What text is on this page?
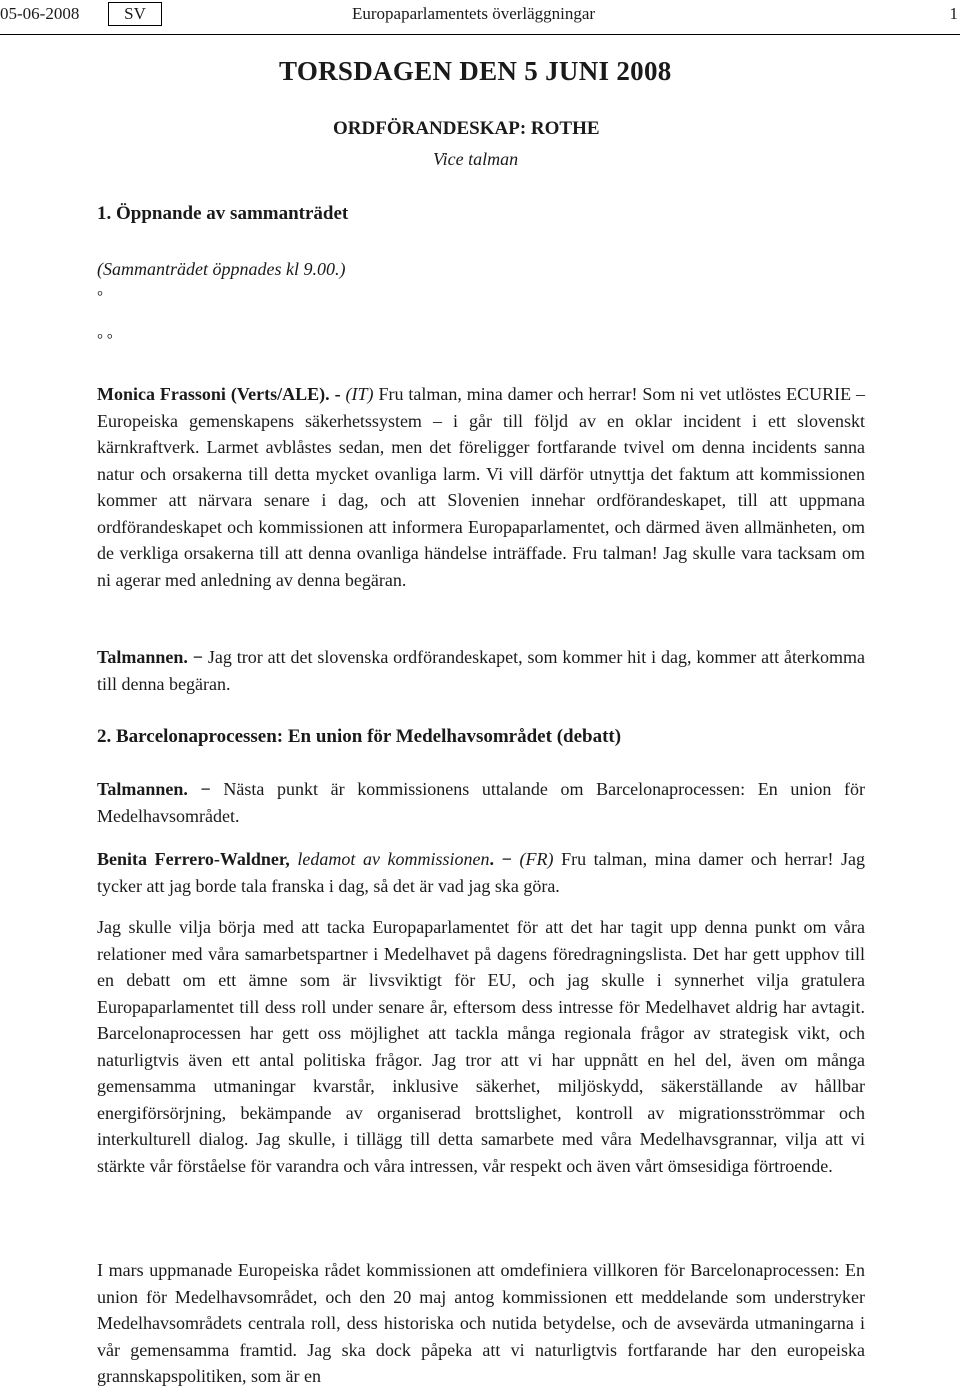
05-06-2008	SV	Europaparlamentets överläggningar	1
TORSDAGEN DEN 5 JUNI 2008
ORDFÖRANDESKAP: ROTHE
Vice talman
1. Öppnande av sammanträdet
(Sammanträdet öppnades kl 9.00.)
°
° °

Monica Frassoni (Verts/ALE). - (IT) Fru talman, mina damer och herrar! Som ni vet utlöstes ECURIE – Europeiska gemenskapens säkerhetssystem – i går till följd av en oklar incident i ett slovenskt kärnkraftverk. Larmet avblåstes sedan, men det föreligger fortfarande tvivel om denna incidents sanna natur och orsakerna till detta mycket ovanliga larm. Vi vill därför utnyttja det faktum att kommissionen kommer att närvara senare i dag, och att Slovenien innehar ordförandeskapet, till att uppmana ordförandeskapet och kommissionen att informera Europaparlamentet, och därmed även allmänheten, om de verkliga orsakerna till att denna ovanliga händelse inträffade. Fru talman! Jag skulle vara tacksam om ni agerar med anledning av denna begäran.

Talmannen. − Jag tror att det slovenska ordförandeskapet, som kommer hit i dag, kommer att återkomma till denna begäran.

2. Barcelonaprocessen: En union för Medelhavsområdet (debatt)

Talmannen. − Nästa punkt är kommissionens uttalande om Barcelonaprocessen: En union för Medelhavsområdet.

Benita Ferrero-Waldner, ledamot av kommissionen. − (FR) Fru talman, mina damer och herrar! Jag tycker att jag borde tala franska i dag, så det är vad jag ska göra.

Jag skulle vilja börja med att tacka Europaparlamentet för att det har tagit upp denna punkt om våra relationer med våra samarbetspartner i Medelhavet på dagens föredragningslista. Det har gett upphov till en debatt om ett ämne som är livsviktigt för EU, och jag skulle i synnerhet vilja gratulera Europaparlamentet till dess roll under senare år, eftersom dess intresse för Medelhavet aldrig har avtagit. Barcelonaprocessen har gett oss möjlighet att tackla många regionala frågor av strategisk vikt, och naturligtvis även ett antal politiska frågor. Jag tror att vi har uppnått en hel del, även om många gemensamma utmaningar kvarstår, inklusive säkerhet, miljöskydd, säkerställande av hållbar energiförsörjning, bekämpande av organiserad brottslighet, kontroll av migrationsströmmar och interkulturell dialog. Jag skulle, i tillägg till detta samarbete med våra Medelhavsgrannar, vilja att vi stärkte vår förståelse för varandra och våra intressen, vår respekt och även vårt ömsesidiga förtroende.

I mars uppmanade Europeiska rådet kommissionen att omdefiniera villkoren för Barcelonaprocessen: En union för Medelhavsområdet, och den 20 maj antog kommissionen ett meddelande som understryker Medelhavsområdets centrala roll, dess historiska och nutida betydelse, och de avsevärda utmaningarna i vår gemensamma framtid. Jag ska dock påpeka att vi naturligtvis fortfarande har den europeiska grannskapspolitiken, som är en
